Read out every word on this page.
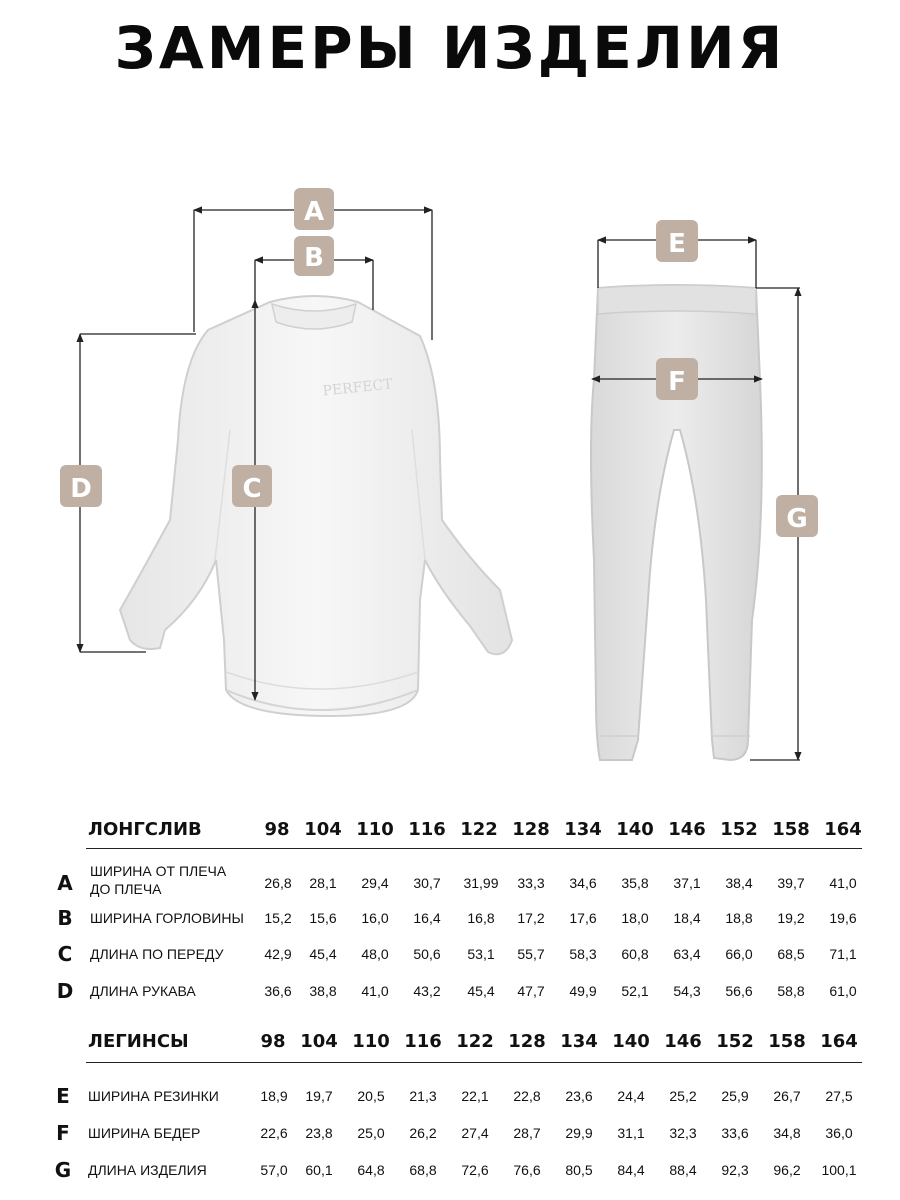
ЗАМЕРЫ ИЗДЕЛИЯ
PERFECT
A
B
C
D
E
F
G
ЛОНГСЛИВ	98 104 110 116 122 128 134 140 146 152 158 164
A	ШИРИНА ОТ ПЛЕЧА ДО ПЛЕЧА	26,8	28,1	29,4	30,7	31,99	33,3	34,6	35,8	37,1	38,4	39,7	41,0
B	ШИРИНА ГОРЛОВИНЫ	15,2	15,6	16,0	16,4	16,8	17,2	17,6	18,0	18,4	18,8	19,2	19,6
C	ДЛИНА ПО ПЕРЕДУ	42,9	45,4	48,0	50,6	53,1	55,7	58,3	60,8	63,4	66,0	68,5	71,1
D	ДЛИНА РУКАВА	36,6	38,8	41,0	43,2	45,4	47,7	49,9	52,1	54,3	56,6	58,8	61,0
ЛЕГИНСЫ	98 104 110 116 122 128 134 140 146 152 158 164
E	ШИРИНА РЕЗИНКИ	18,9	19,7	20,5	21,3	22,1	22,8	23,6	24,4	25,2	25,9	26,7	27,5
F	ШИРИНА БЕДЕР	22,6	23,8	25,0	26,2	27,4	28,7	29,9	31,1	32,3	33,6	34,8	36,0
G	ДЛИНА ИЗДЕЛИЯ	57,0	60,1	64,8	68,8	72,6	76,6	80,5	84,4	88,4	92,3	96,2	100,1
